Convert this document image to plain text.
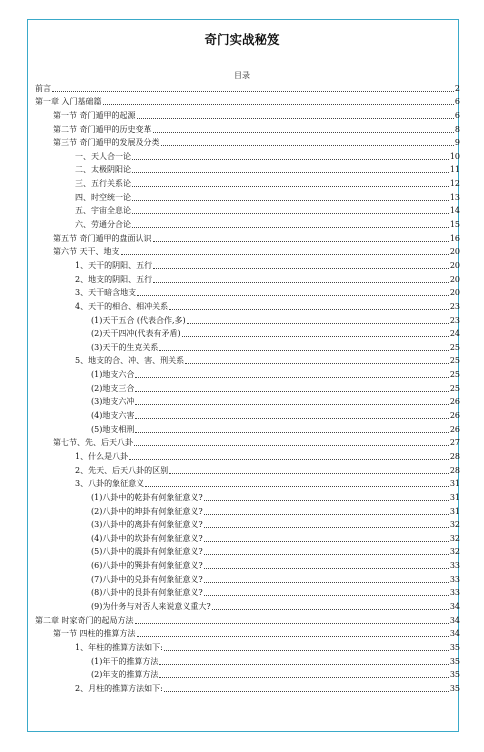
奇门实战秘笈
目录
前言	2
第一章 入门基础篇	6
第一节 奇门遁甲的起源	6
第二节 奇门遁甲的历史变革	8
第三节 奇门遁甲的发展及分类	9
一、天人合一论	10
二、太极阴阳论	11
三、五行关系论	12
四、时空统一论	13
五、宇宙全息论	14
六、劳通分合论	15
第五节 奇门遁甲的盘面认识	16
第六节 天干、地支	20
1、天干的阴阳、五行	20
2、地支的阴阳、五行	20
3、天干暗含地支	20
4、天干的相合、相冲关系	23
(1)天干五合 (代表合作,多)	23
(2)天干四冲(代表有矛盾)	24
(3)天干的生克关系	25
5、地支的合、冲、害、刑关系	25
(1)地支六合	25
(2)地支三合	25
(3)地支六冲	26
(4)地支六害	26
(5)地支相刑	26
第七节、先、后天八卦	27
1、什么是八卦	28
2、先天、后天八卦的区别	28
3、八卦的象征意义	31
(1)八卦中的乾卦有何象征意义?	31
(2)八卦中的坤卦有何象征意义?	31
(3)八卦中的离卦有何象征意义?	32
(4)八卦中的坎卦有何象征意义?	32
(5)八卦中的震卦有何象征意义?	32
(6)八卦中的巽卦有何象征意义?	33
(7)八卦中的兑卦有何象征意义?	33
(8)八卦中的艮卦有何象征意义?	33
(9)为什务与对否人来说意义重大?	34
第二章 时家奇门的起局方法	34
第一节 四柱的推算方法	34
1、年柱的推算方法如下:	35
(1)年干的推算方法	35
(2)年支的推算方法	35
2、月柱的推算方法如下:	35
